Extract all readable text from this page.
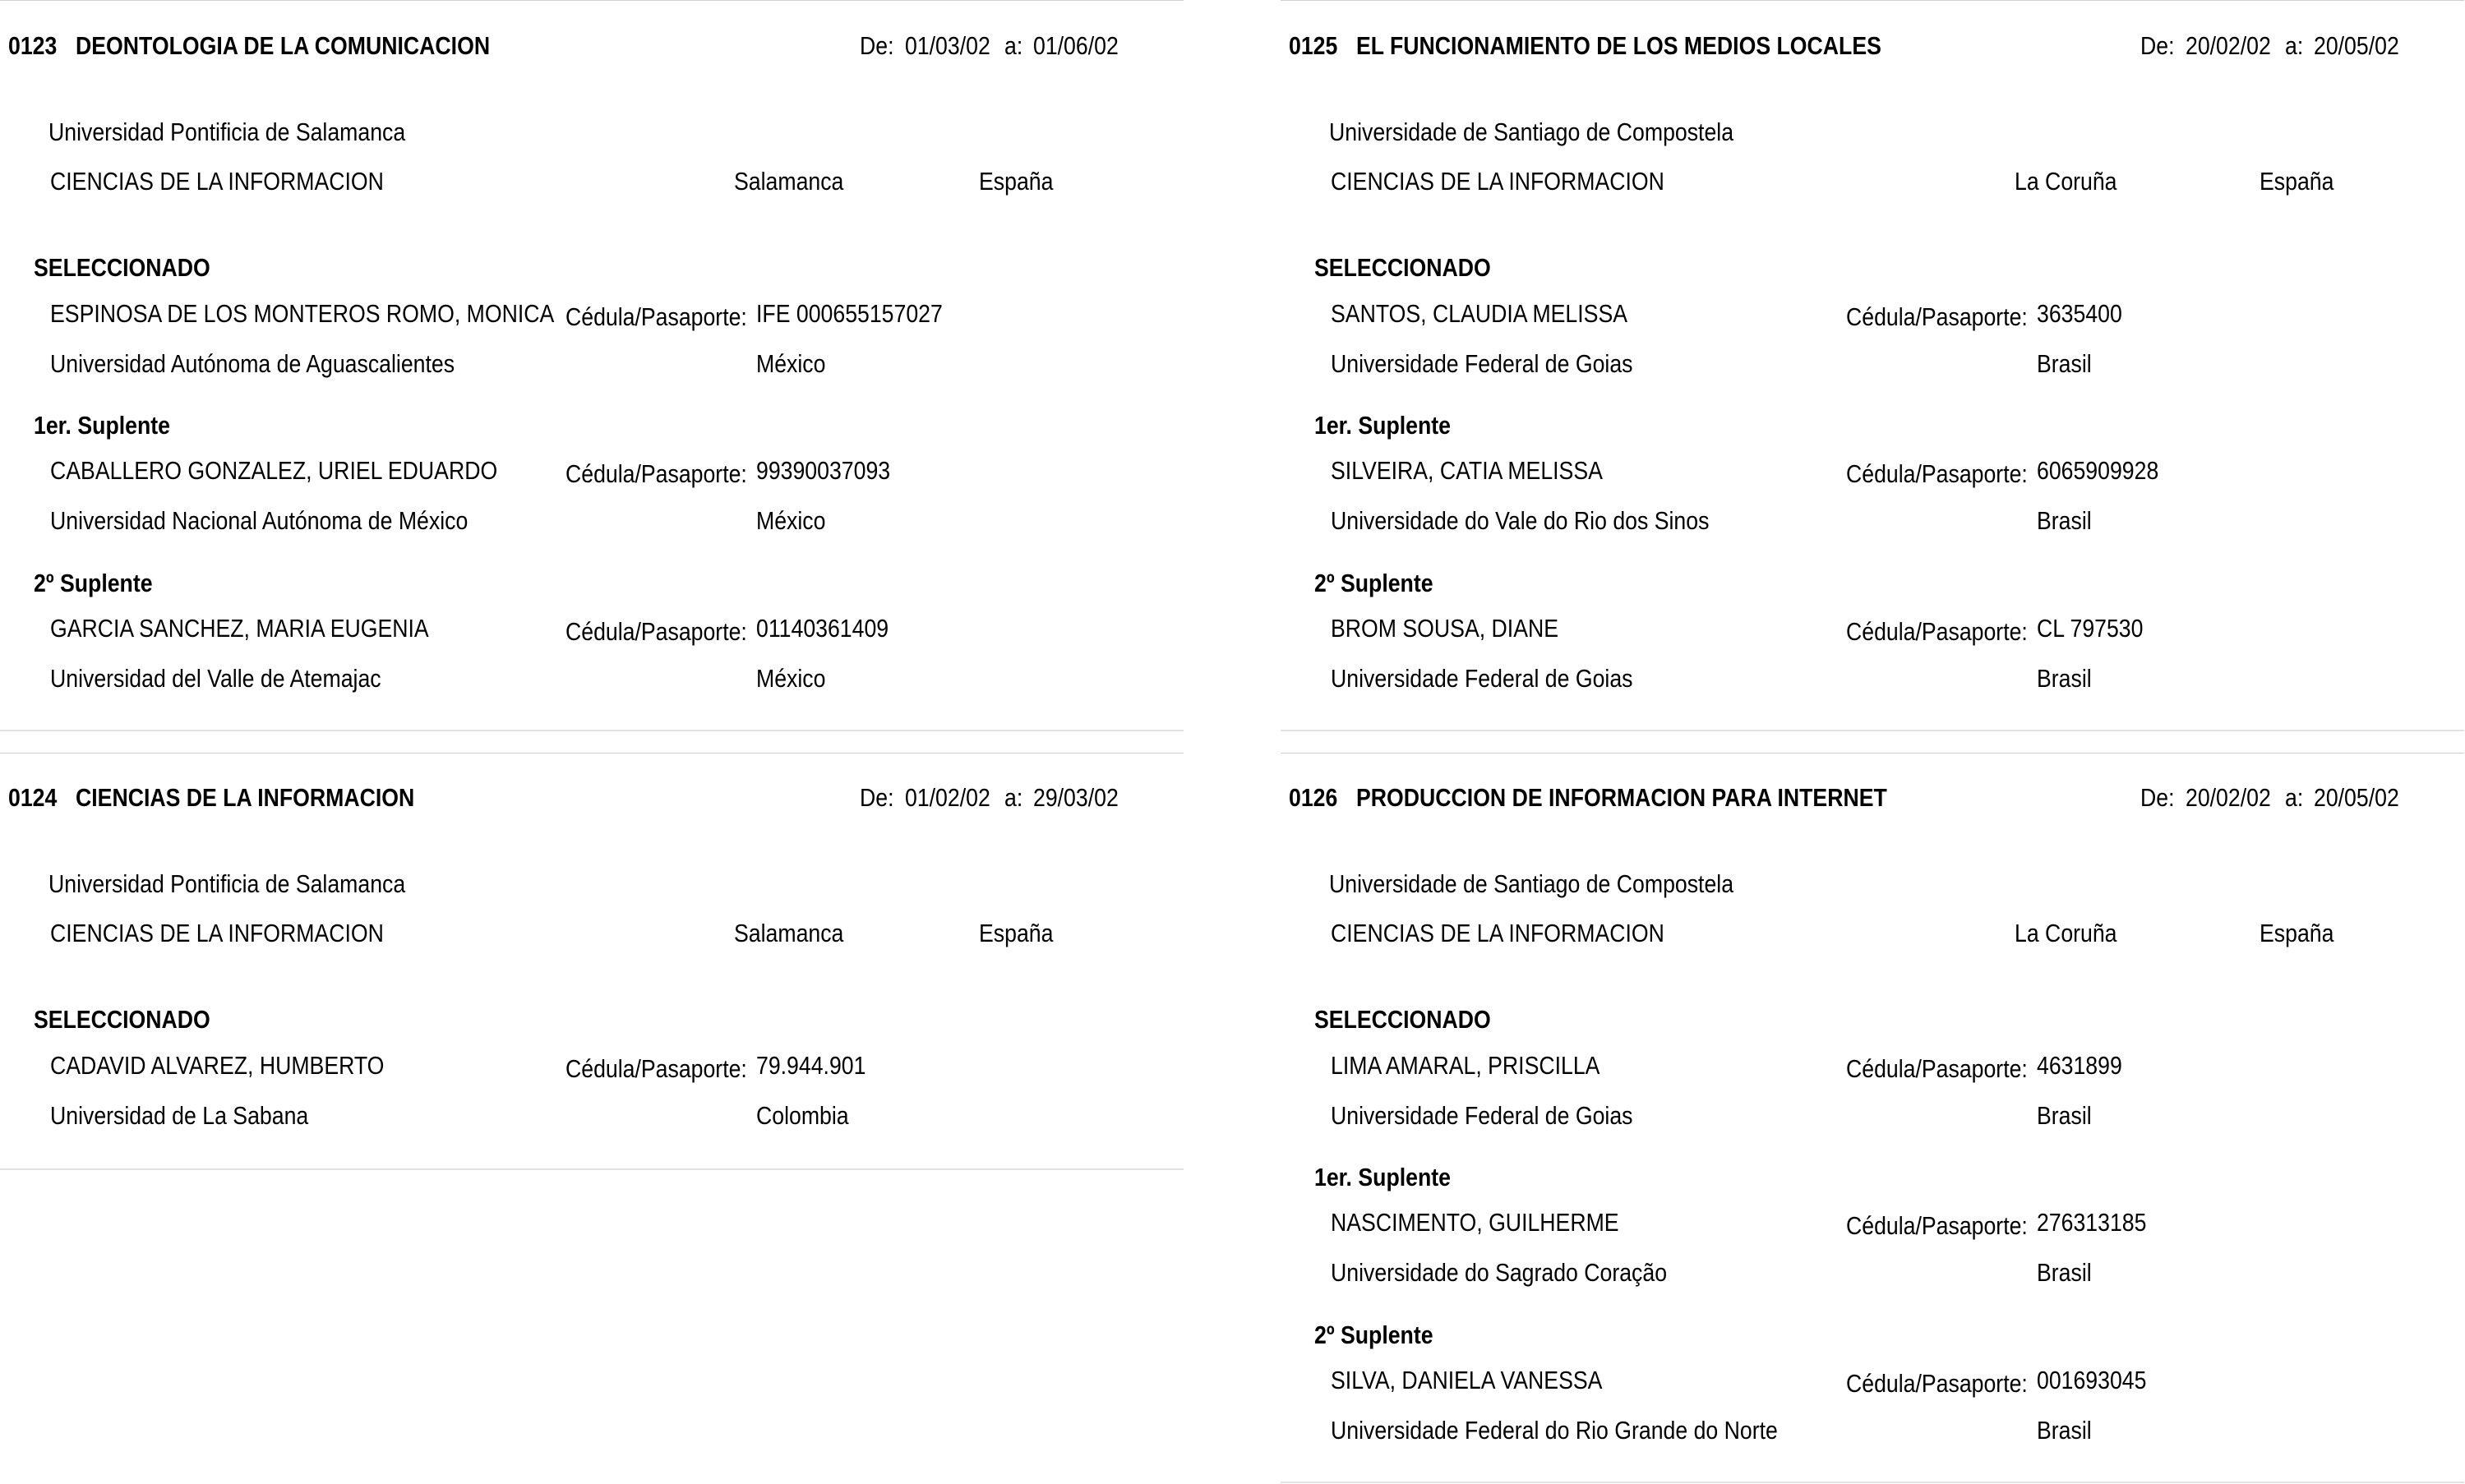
0123 DEONTOLOGIA DE LA COMUNICACION	De: 01/03/02 a: 01/06/02
Universidad Pontificia de Salamanca
CIENCIAS DE LA INFORMACION	Salamanca	España
SELECCIONADO
ESPINOSA DE LOS MONTEROS ROMO, MONICA Cédula/Pasaporte: IFE 000655157027
Universidad Autónoma de Aguascalientes	México
1er. Suplente
CABALLERO GONZALEZ, URIEL EDUARDO	Cédula/Pasaporte: 99390037093
Universidad Nacional Autónoma de México	México
2º Suplente
GARCIA SANCHEZ, MARIA EUGENIA	Cédula/Pasaporte: 01140361409
Universidad del Valle de Atemajac	México
0124 CIENCIAS DE LA INFORMACION	De: 01/02/02 a: 29/03/02
Universidad Pontificia de Salamanca
CIENCIAS DE LA INFORMACION	Salamanca	España
SELECCIONADO
CADAVID ALVAREZ, HUMBERTO	Cédula/Pasaporte: 79.944.901
Universidad de La Sabana	Colombia
0125 EL FUNCIONAMIENTO DE LOS MEDIOS LOCALES	De: 20/02/02 a: 20/05/02
Universidade de Santiago de Compostela
CIENCIAS DE LA INFORMACION	La Coruña	España
SELECCIONADO
SANTOS, CLAUDIA MELISSA	Cédula/Pasaporte: 3635400
Universidade Federal de Goias	Brasil
1er. Suplente
SILVEIRA, CATIA MELISSA	Cédula/Pasaporte: 6065909928
Universidade do Vale do Rio dos Sinos	Brasil
2º Suplente
BROM SOUSA, DIANE	Cédula/Pasaporte: CL 797530
Universidade Federal de Goias	Brasil
0126 PRODUCCION DE INFORMACION PARA INTERNET	De: 20/02/02 a: 20/05/02
Universidade de Santiago de Compostela
CIENCIAS DE LA INFORMACION	La Coruña	España
SELECCIONADO
LIMA AMARAL, PRISCILLA	Cédula/Pasaporte: 4631899
Universidade Federal de Goias	Brasil
1er. Suplente
NASCIMENTO, GUILHERME	Cédula/Pasaporte: 276313185
Universidade do Sagrado Coração	Brasil
2º Suplente
SILVA, DANIELA VANESSA	Cédula/Pasaporte: 001693045
Universidade Federal do Rio Grande do Norte	Brasil
